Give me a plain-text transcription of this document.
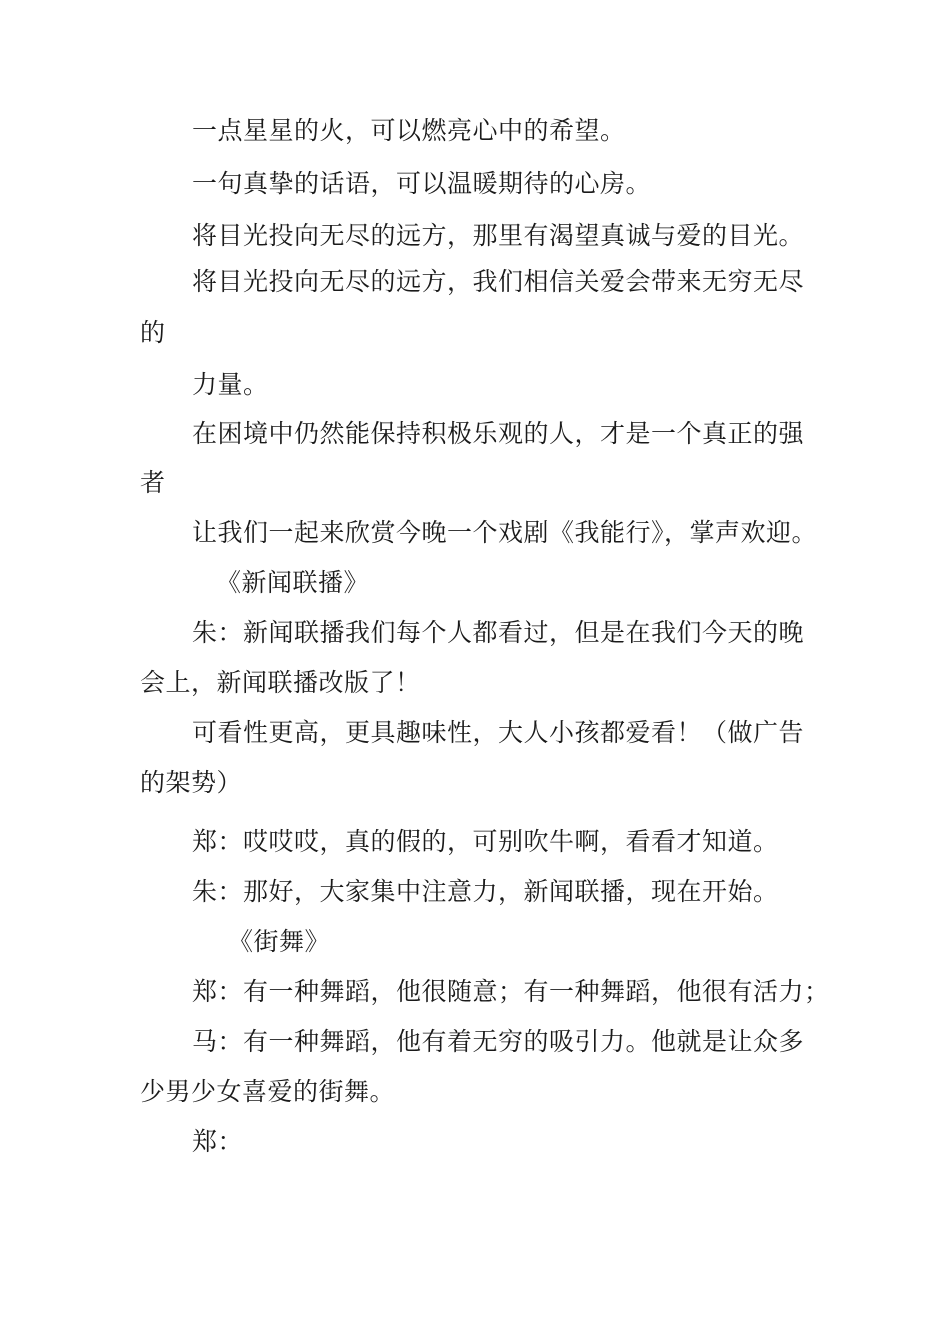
一点星星的火，可以燃亮心中的希望。
一句真挚的话语，可以温暖期待的心房。
将目光投向无尽的远方，那里有渴望真诚与爱的目光。
将目光投向无尽的远方，我们相信关爱会带来无穷无尽
的
力量。
在困境中仍然能保持积极乐观的人，才是一个真正的强
者
让我们一起来欣赏今晚一个戏剧《我能行》，掌声欢迎。
《新闻联播》
朱：新闻联播我们每个人都看过，但是在我们今天的晚
会上，新闻联播改版了！
可看性更高，更具趣味性，大人小孩都爱看！（做广告
的架势）
郑：哎哎哎，真的假的，可别吹牛啊，看看才知道。
朱：那好，大家集中注意力，新闻联播，现在开始。
《街舞》
郑：有一种舞蹈，他很随意；有一种舞蹈，他很有活力；
马：有一种舞蹈，他有着无穷的吸引力。他就是让众多
少男少女喜爱的街舞。
郑：
